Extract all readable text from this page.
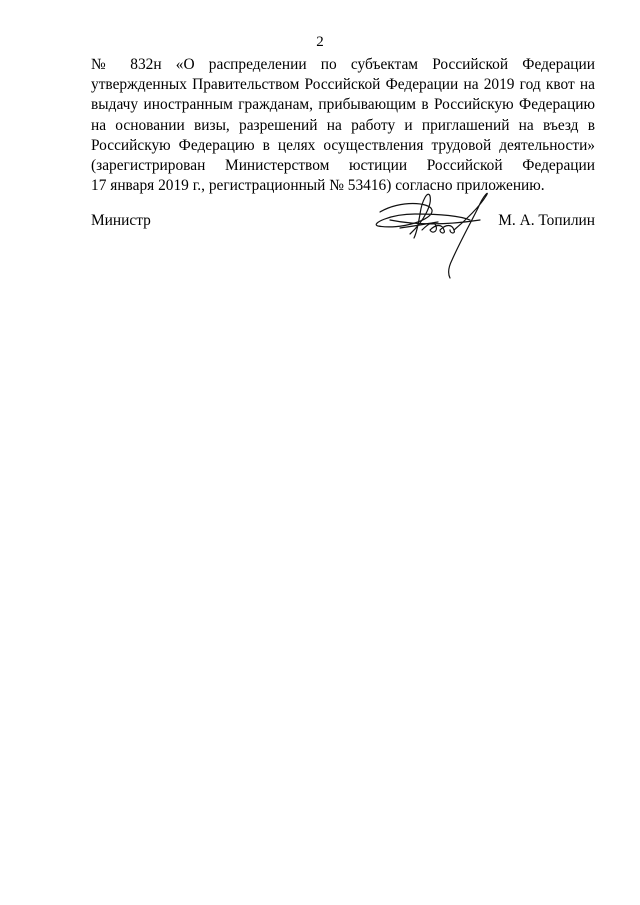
2
№ 832н «О распределении по субъектам Российской Федерации
утвержденных Правительством Российской Федерации на 2019 год квот на
выдачу иностранным гражданам, прибывающим в Российскую Федерацию
на основании визы, разрешений на работу и приглашений на въезд в
Российскую Федерацию в целях осуществления трудовой деятельности»
(зарегистрирован Министерством юстиции Российской Федерации
17 января 2019 г., регистрационный № 53416) согласно приложению.
Министр	М. А. Топилин
